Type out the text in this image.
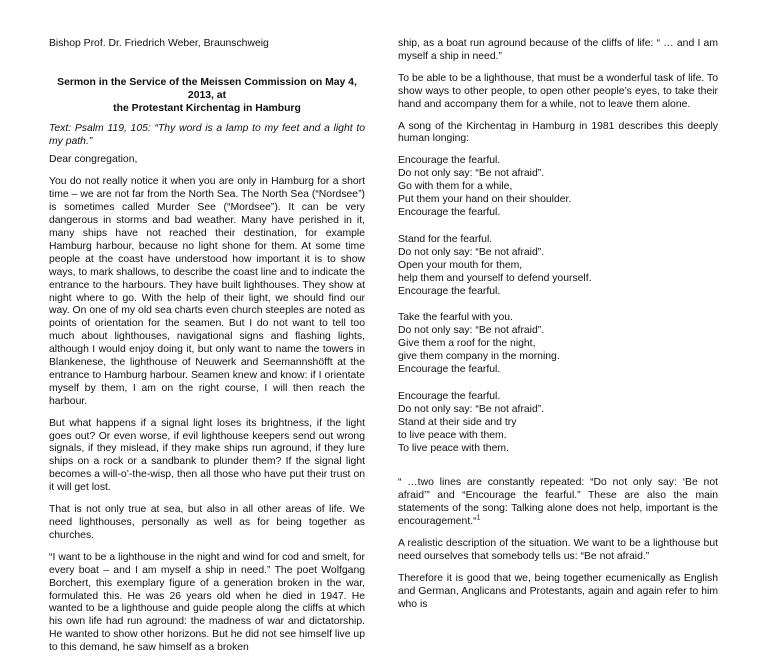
Bishop Prof. Dr. Friedrich Weber, Braunschweig

Sermon in the Service of the Meissen Commission on May 4, 2013, at
the Protestant Kirchentag in Hamburg

Text: Psalm 119, 105: “Thy word is a lamp to my feet and a light to my path.”

Dear congregation,

You do not really notice it when you are only in Hamburg for a short time – we are not far from the North Sea. The North Sea (“Nordsee”) is sometimes called Murder See (“Mordsee”). It can be very dangerous in storms and bad weather. Many have perished in it, many ships have not reached their destination, for example Hamburg harbour, because no light shone for them. At some time people at the coast have understood how important it is to show ways, to mark shallows, to describe the coast line and to indicate the entrance to the harbours. They have built lighthouses. They show at night where to go. With the help of their light, we should find our way. On one of my old sea charts even church steeples are noted as points of orientation for the seamen. But I do not want to tell too much about lighthouses, navigational signs and flashing lights, although I would enjoy doing it, but only want to name the towers in Blankenese, the lighthouse of Neuwerk and Seemannshöfft at the entrance to Hamburg harbour. Seamen knew and know: if I orientate myself by them, I am on the right course, I will then reach the harbour.

But what happens if a signal light loses its brightness, if the light goes out? Or even worse, if evil lighthouse keepers send out wrong signals, if they mislead, if they make ships run aground, if they lure ships on a rock or a sandbank to plunder them? If the signal light becomes a will-o’-the-wisp, then all those who have put their trust on it will get lost.

That is not only true at sea, but also in all other areas of life. We need lighthouses, personally as well as for being together as churches.

“I want to be a lighthouse in the night and wind for cod and smelt, for every boat – and I am myself a ship in need.” The poet Wolfgang Borchert, this exemplary figure of a generation broken in the war, formulated this. He was 26 years old when he died in 1947. He wanted to be a lighthouse and guide people along the cliffs at which his own life had run aground: the madness of war and dictatorship. He wanted to show other horizons. But he did not see himself live up to this demand, he saw himself as a broken

ship, as a boat run aground because of the cliffs of life: “ … and I am myself a ship in need.”

To be able to be a lighthouse, that must be a wonderful task of life. To show ways to other people, to open other people’s eyes, to take their hand and accompany them for a while, not to leave them alone.

A song of the Kirchentag in Hamburg in 1981 describes this deeply human longing:

Encourage the fearful.
Do not only say: “Be not afraid”.
Go with them for a while,
Put them your hand on their shoulder.
Encourage the fearful.
Stand for the fearful.
Do not only say: “Be not afraid”.
Open your mouth for them,
help them and yourself to defend yourself.
Encourage the fearful.
Take the fearful with you.
Do not only say: “Be not afraid”.
Give them a roof for the night,
give them company in the morning.
Encourage the fearful.
Encourage the fearful.
Do not only say: “Be not afraid”.
Stand at their side and try
to live peace with them.
To live peace with them.

“ …two lines are constantly repeated: “Do not only say: ‘Be not afraid’” and “Encourage the fearful.” These are also the main statements of the song: Talking alone does not help, important is the encouragement.“$^1$

A realistic description of the situation. We want to be a lighthouse but need ourselves that somebody tells us: “Be not afraid.”

Therefore it is good that we, being together ecumenically as English and German, Anglicans and Protestants, again and again refer to him who is
